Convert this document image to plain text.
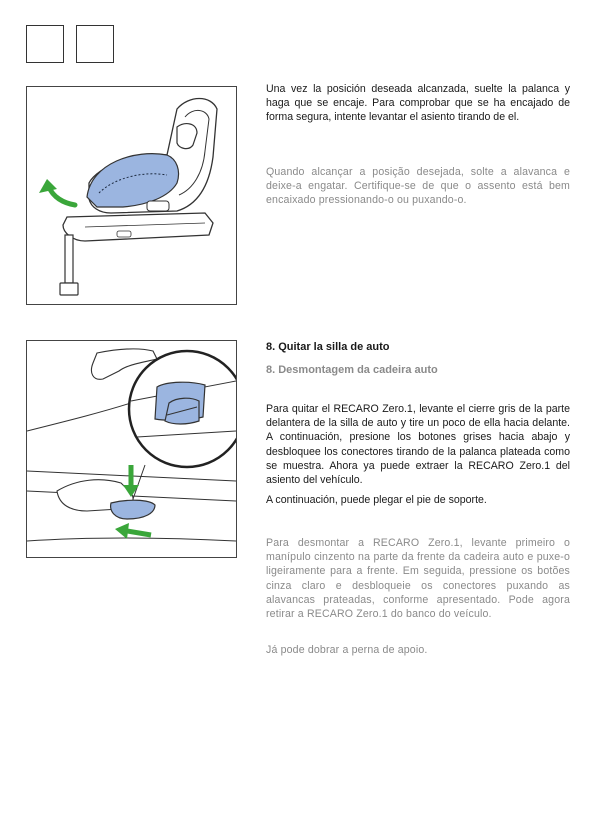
Una vez la posición deseada alcanzada, suelte la palanca y haga que se encaje. Para comprobar que se ha encajado de forma segura, intente levantar el asiento tirando de el.
Quando alcançar a posição desejada, solte a alavanca e deixe-a engatar. Certifique-se de que o assento está bem encaixado pressionando-o ou puxando-o.

8. Quitar la silla de auto

8. Desmontagem da cadeira auto

Para quitar el RECARO Zero.1, levante el cierre gris de la parte delantera de la silla de auto y tire un poco de ella hacia delante. A continuación, presione los botones grises hacia abajo y desbloquee los conectores tirando de la palanca plateada como se muestra. Ahora ya puede extraer la RECARO Zero.1 del asiento del vehículo.
A continuación, puede plegar el pie de soporte.
Para desmontar a RECARO Zero.1, levante primeiro o manípulo cinzento na parte da frente da cadeira auto e puxe-o ligeiramente para a frente. Em seguida, pressione os botões cinza claro e desbloqueie os conectores puxando as alavancas prateadas, conforme apresentado. Pode agora retirar a RECARO Zero.1 do banco do veículo.
Já pode dobrar a perna de apoio.
